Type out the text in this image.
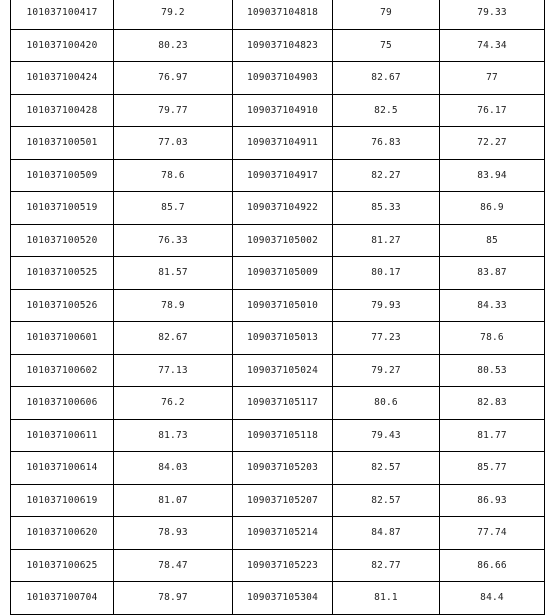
101037100417	79.2	109037104818	79	79.33
101037100420	80.23	109037104823	75	74.34
101037100424	76.97	109037104903	82.67	77
101037100428	79.77	109037104910	82.5	76.17
101037100501	77.03	109037104911	76.83	72.27
101037100509	78.6	109037104917	82.27	83.94
101037100519	85.7	109037104922	85.33	86.9
101037100520	76.33	109037105002	81.27	85
101037100525	81.57	109037105009	80.17	83.87
101037100526	78.9	109037105010	79.93	84.33
101037100601	82.67	109037105013	77.23	78.6
101037100602	77.13	109037105024	79.27	80.53
101037100606	76.2	109037105117	80.6	82.83
101037100611	81.73	109037105118	79.43	81.77
101037100614	84.03	109037105203	82.57	85.77
101037100619	81.07	109037105207	82.57	86.93
101037100620	78.93	109037105214	84.87	77.74
101037100625	78.47	109037105223	82.77	86.66
101037100704	78.97	109037105304	81.1	84.4
